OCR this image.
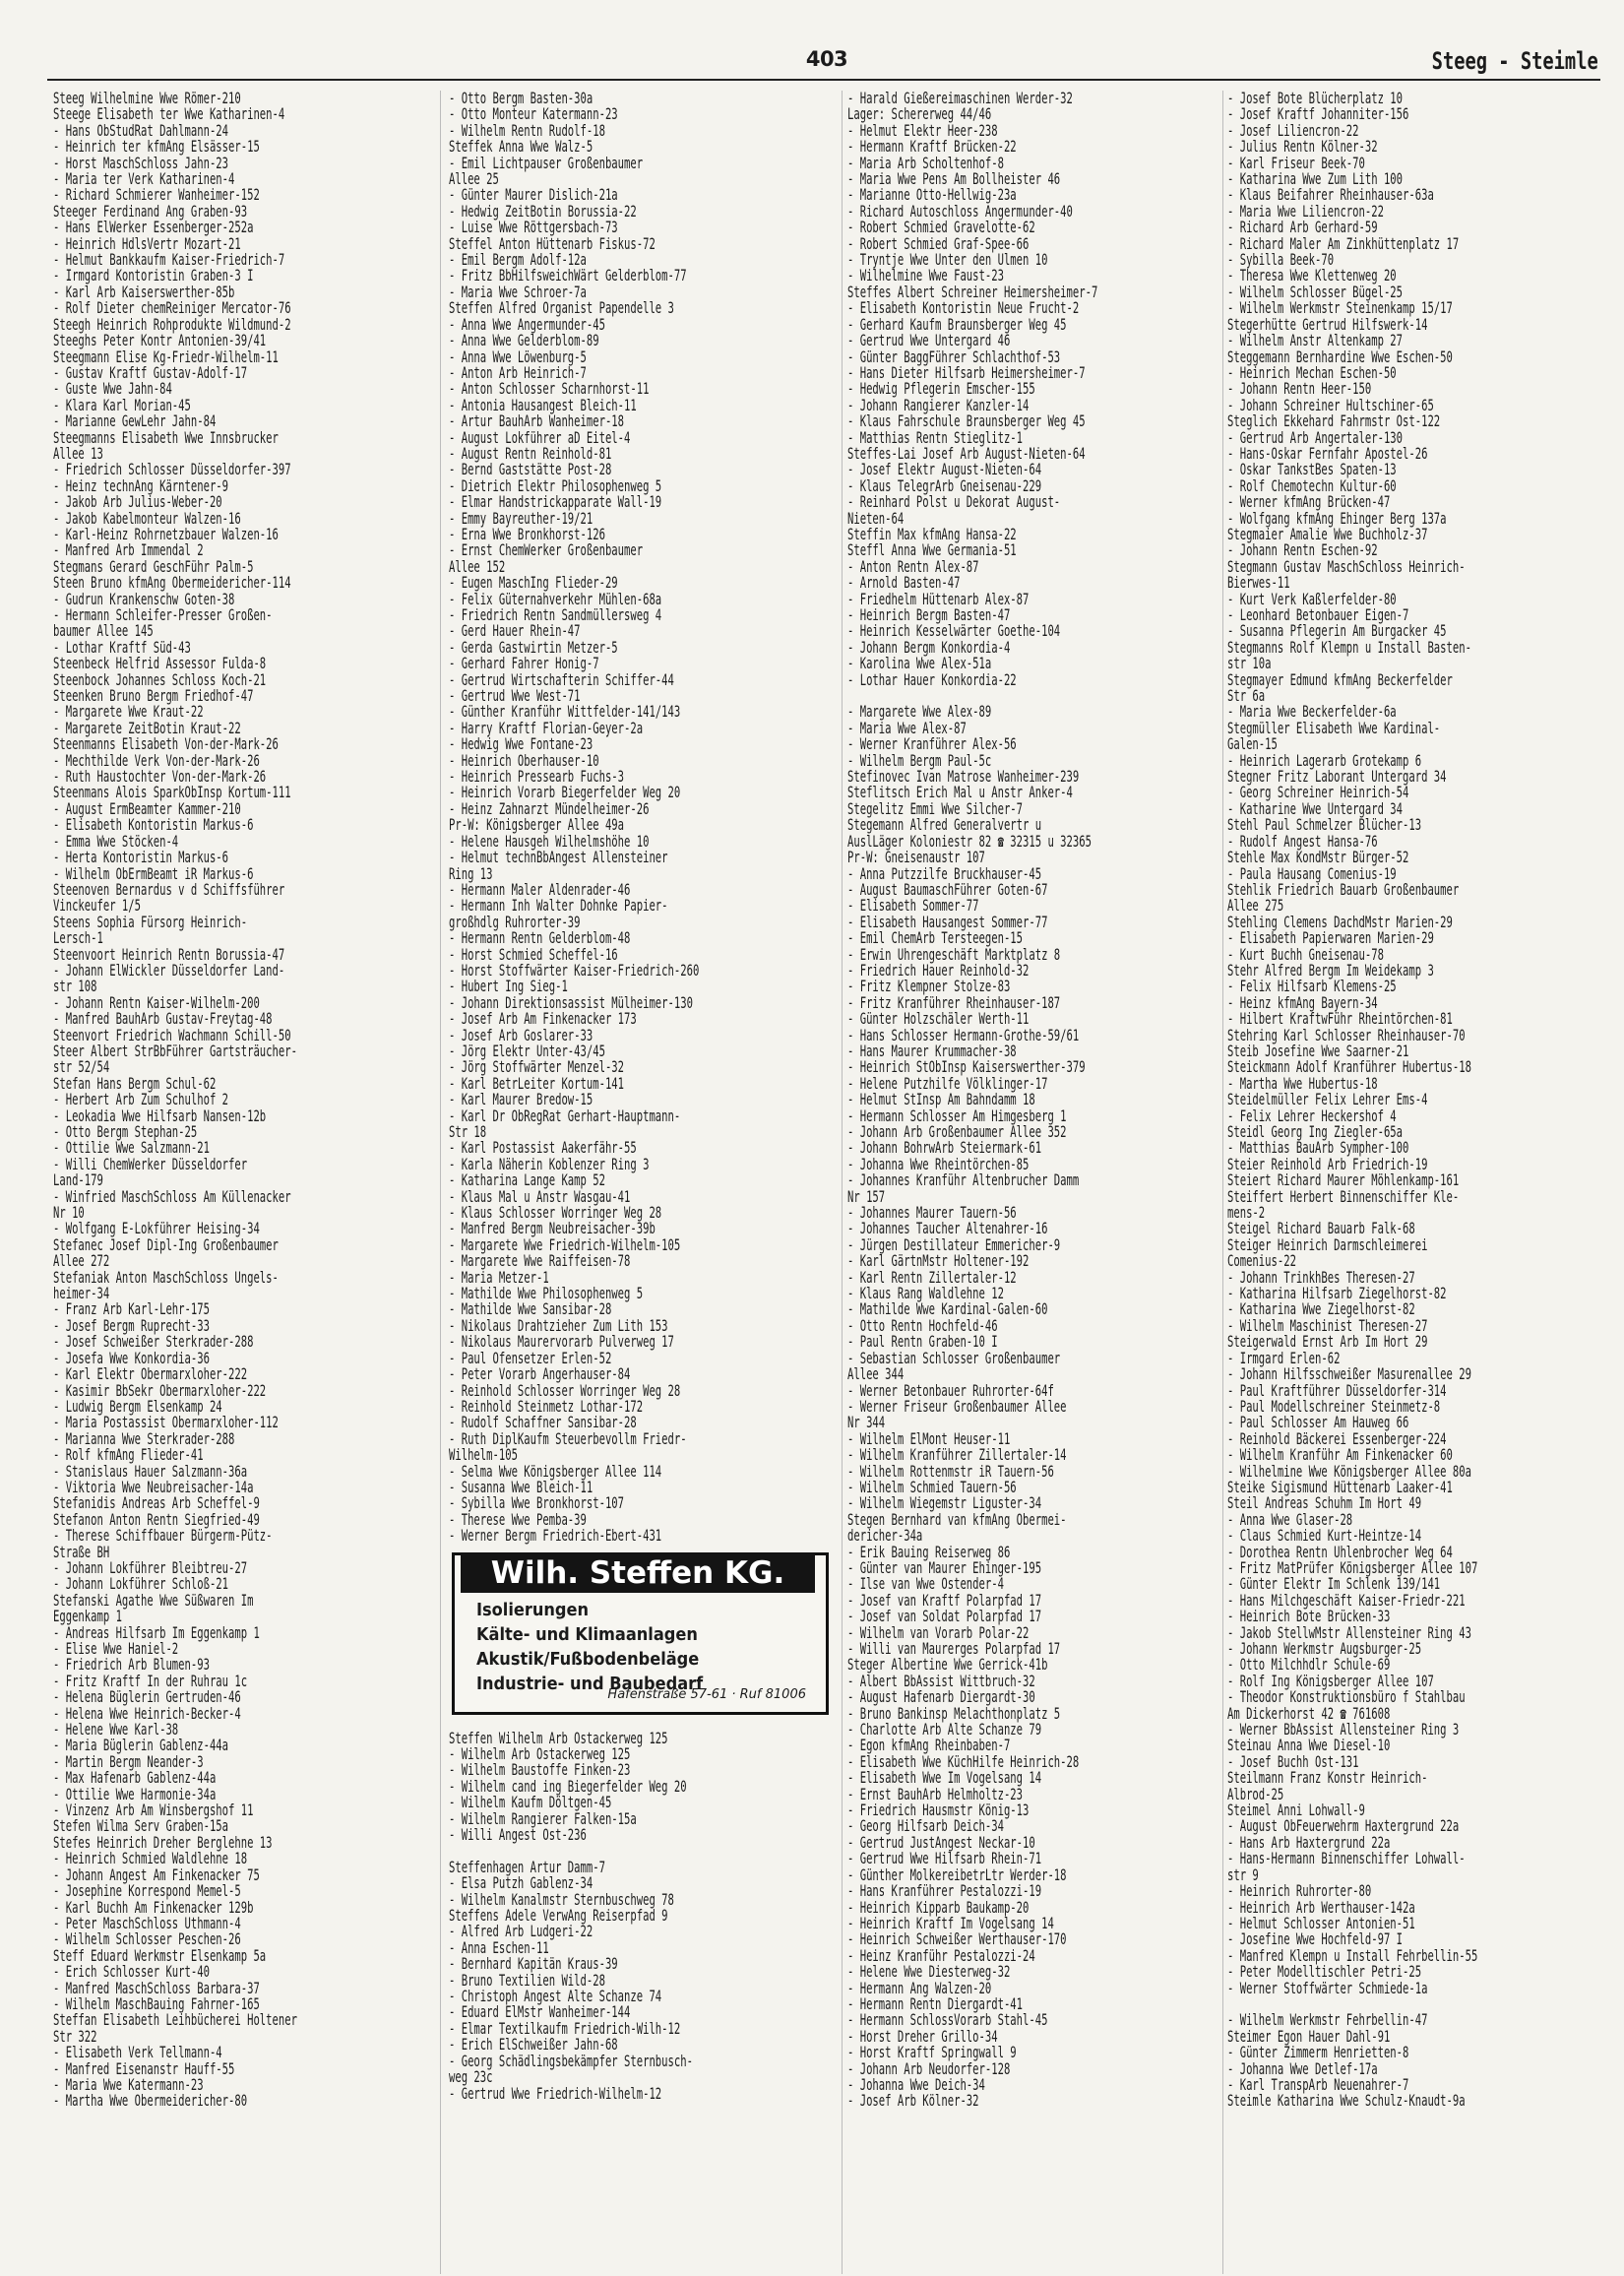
403	Steeg - Steimle
Steeg Wilhelmine Wwe Römer-210
Steege Elisabeth ter Wwe Katharinen-4
- Hans ObStudRat Dahlmann-24
- Heinrich ter kfmAng Elsässer-15
- Horst MaschSchloss Jahn-23
- Maria ter Verk Katharinen-4
- Richard Schmierer Wanheimer-152
Steeger Ferdinand Ang Graben-93
- Hans ElWerker Essenberger-252a
- Heinrich HdlsVertr Mozart-21
- Helmut Bankkaufm Kaiser-Friedrich-7
- Irmgard Kontoristin Graben-3 I
- Karl Arb Kaiserswerther-85b
- Rolf Dieter chemReiniger Mercator-76
Steegh Heinrich Rohprodukte Wildmund-2
Steeghs Peter Kontr Antonien-39/41
Steegmann Elise Kg-Friedr-Wilhelm-11
- Gustav Kraftf Gustav-Adolf-17
- Guste Wwe Jahn-84
- Klara Karl Morian-45
- Marianne GewLehr Jahn-84
Steegmanns Elisabeth Wwe Innsbrucker
Allee 13
- Friedrich Schlosser Düsseldorfer-397
- Heinz technAng Kärntener-9
- Jakob Arb Julius-Weber-20
- Jakob Kabelmonteur Walzen-16
- Karl-Heinz Rohrnetzbauer Walzen-16
- Manfred Arb Immendal 2
Stegmans Gerard GeschFühr Palm-5
Steen Bruno kfmAng Obermeidericher-114
- Gudrun Krankenschw Goten-38
- Hermann Schleifer-Presser Großen-
baumer Allee 145
- Lothar Kraftf Süd-43
Steenbeck Helfrid Assessor Fulda-8
Steenbock Johannes Schloss Koch-21
Steenken Bruno Bergm Friedhof-47
- Margarete Wwe Kraut-22
- Margarete ZeitBotin Kraut-22
Steenmanns Elisabeth Von-der-Mark-26
- Mechthilde Verk Von-der-Mark-26
- Ruth Haustochter Von-der-Mark-26
Steenmans Alois SparkObInsp Kortum-111
- August ErmBeamter Kammer-210
- Elisabeth Kontoristin Markus-6
- Emma Wwe Stöcken-4
- Herta Kontoristin Markus-6
- Wilhelm ObErmBeamt iR Markus-6
Steenoven Bernardus v d Schiffsführer
Vinckeufer 1/5
Steens Sophia Fürsorg Heinrich-
Lersch-1
Steenvoort Heinrich Rentn Borussia-47
- Johann ElWickler Düsseldorfer Land-
str 108
- Johann Rentn Kaiser-Wilhelm-200
- Manfred BauhArb Gustav-Freytag-48
Steenvort Friedrich Wachmann Schill-50
Steer Albert StrBbFührer Gartsträucher-
str 52/54
Stefan Hans Bergm Schul-62
- Herbert Arb Zum Schulhof 2
- Leokadia Wwe Hilfsarb Nansen-12b
- Otto Bergm Stephan-25
- Ottilie Wwe Salzmann-21
- Willi ChemWerker Düsseldorfer
Land-179
- Winfried MaschSchloss Am Küllenacker
Nr 10
- Wolfgang E-Lokführer Heising-34
Stefanec Josef Dipl-Ing Großenbaumer
Allee 272
Stefaniak Anton MaschSchloss Ungels-
heimer-34
- Franz Arb Karl-Lehr-175
- Josef Bergm Ruprecht-33
- Josef Schweißer Sterkrader-288
- Josefa Wwe Konkordia-36
- Karl Elektr Obermarxloher-222
- Kasimir BbSekr Obermarxloher-222
- Ludwig Bergm Elsenkamp 24
- Maria Postassist Obermarxloher-112
- Marianna Wwe Sterkrader-288
- Rolf kfmAng Flieder-41
- Stanislaus Hauer Salzmann-36a
- Viktoria Wwe Neubreisacher-14a
Stefanidis Andreas Arb Scheffel-9
Stefanon Anton Rentn Siegfried-49
- Therese Schiffbauer Bürgerm-Pütz-
Straße BH
- Johann Lokführer Bleibtreu-27
- Johann Lokführer Schloß-21
Stefanski Agathe Wwe Süßwaren Im
Eggenkamp 1
- Andreas Hilfsarb Im Eggenkamp 1
- Elise Wwe Haniel-2
- Friedrich Arb Blumen-93
- Fritz Kraftf In der Ruhrau 1c
- Helena Büglerin Gertruden-46
- Helena Wwe Heinrich-Becker-4
- Helene Wwe Karl-38
- Maria Büglerin Gablenz-44a
- Martin Bergm Neander-3
- Max Hafenarb Gablenz-44a
- Ottilie Wwe Harmonie-34a
- Vinzenz Arb Am Winsbergshof 11
Stefen Wilma Serv Graben-15a
Stefes Heinrich Dreher Berglehne 13
- Heinrich Schmied Waldlehne 18
- Johann Angest Am Finkenacker 75
- Josephine Korrespond Memel-5
- Karl Buchh Am Finkenacker 129b
- Peter MaschSchloss Uthmann-4
- Wilhelm Schlosser Peschen-26
Steff Eduard Werkmstr Elsenkamp 5a
- Erich Schlosser Kurt-40
- Manfred MaschSchloss Barbara-37
- Wilhelm MaschBauing Fahrner-165
Steffan Elisabeth Leihbücherei Holtener
Str 322
- Elisabeth Verk Tellmann-4
- Manfred Eisenanstr Hauff-55
- Maria Wwe Katermann-23
- Martha Wwe Obermeidericher-80
- Otto Bergm Basten-30a
- Otto Monteur Katermann-23
- Wilhelm Rentn Rudolf-18
Steffek Anna Wwe Walz-5
- Emil Lichtpauser Großenbaumer
Allee 25
- Günter Maurer Dislich-21a
- Hedwig ZeitBotin Borussia-22
- Luise Wwe Röttgersbach-73
Steffel Anton Hüttenarb Fiskus-72
- Emil Bergm Adolf-12a
- Fritz BbHilfsweichWärt Gelderblom-77
- Maria Wwe Schroer-7a
Steffen Alfred Organist Papendelle 3
- Anna Wwe Angermunder-45
- Anna Wwe Gelderblom-89
- Anna Wwe Löwenburg-5
- Anton Arb Heinrich-7
- Anton Schlosser Scharnhorst-11
- Antonia Hausangest Bleich-11
- Artur BauhArb Wanheimer-18
- August Lokführer aD Eitel-4
- August Rentn Reinhold-81
- Bernd Gaststätte Post-28
- Dietrich Elektr Philosophenweg 5
- Elmar Handstrickapparate Wall-19
- Emmy Bayreuther-19/21
- Erna Wwe Bronkhorst-126
- Ernst ChemWerker Großenbaumer
Allee 152
- Eugen MaschIng Flieder-29
- Felix Güternahverkehr Mühlen-68a
- Friedrich Rentn Sandmüllersweg 4
- Gerd Hauer Rhein-47
- Gerda Gastwirtin Metzer-5
- Gerhard Fahrer Honig-7
- Gertrud Wirtschafterin Schiffer-44
- Gertrud Wwe West-71
- Günther Kranführ Wittfelder-141/143
- Harry Kraftf Florian-Geyer-2a
- Hedwig Wwe Fontane-23
- Heinrich Oberhauser-10
- Heinrich Pressearb Fuchs-3
- Heinrich Vorarb Biegerfelder Weg 20
- Heinz Zahnarzt Mündelheimer-26
Pr-W: Königsberger Allee 49a
- Helene Hausgeh Wilhelmshöhe 10
- Helmut technBbAngest Allensteiner
Ring 13
- Hermann Maler Aldenrader-46
- Hermann Inh Walter Dohnke Papier-
großhdlg Ruhrorter-39
- Hermann Rentn Gelderblom-48
- Horst Schmied Scheffel-16
- Horst Stoffwärter Kaiser-Friedrich-260
- Hubert Ing Sieg-1
- Johann Direktionsassist Mülheimer-130
- Josef Arb Am Finkenacker 173
- Josef Arb Goslarer-33
- Jörg Elektr Unter-43/45
- Jörg Stoffwärter Menzel-32
- Karl BetrLeiter Kortum-141
- Karl Maurer Bredow-15
- Karl Dr ObRegRat Gerhart-Hauptmann-
Str 18
- Karl Postassist Aakerfähr-55
- Karla Näherin Koblenzer Ring 3
- Katharina Lange Kamp 52
- Klaus Mal u Anstr Wasgau-41
- Klaus Schlosser Worringer Weg 28
- Manfred Bergm Neubreisacher-39b
- Margarete Wwe Friedrich-Wilhelm-105
- Margarete Wwe Raiffeisen-78
- Maria Metzer-1
- Mathilde Wwe Philosophenweg 5
- Mathilde Wwe Sansibar-28
- Nikolaus Drahtzieher Zum Lith 153
- Nikolaus Maurervorarb Pulverweg 17
- Paul Ofensetzer Erlen-52
- Peter Vorarb Angerhauser-84
- Reinhold Schlosser Worringer Weg 28
- Reinhold Steinmetz Lothar-172
- Rudolf Schaffner Sansibar-28
- Ruth DiplKaufm Steuerbevollm Friedr-
Wilhelm-105
- Selma Wwe Königsberger Allee 114
- Susanna Wwe Bleich-11
- Sybilla Wwe Bronkhorst-107
- Therese Wwe Pemba-39
- Werner Bergm Friedrich-Ebert-431
Wilh. Steffen KG.
Isolierungen
Kälte- und Klimaanlagen
Akustik/Fußbodenbeläge
Industrie- und Baubedarf
Hafenstraße 57-61 · Ruf 81006
Steffen Wilhelm Arb Ostackerweg 125
- Wilhelm Arb Ostackerweg 125
- Wilhelm Baustoffe Finken-23
- Wilhelm cand ing Biegerfelder Weg 20
- Wilhelm Kaufm Döltgen-45
- Wilhelm Rangierer Falken-15a
- Willi Angest Ost-236

Steffenhagen Artur Damm-7
- Elsa Putzh Gablenz-34
- Wilhelm Kanalmstr Sternbuschweg 78
Steffens Adele VerwAng Reiserpfad 9
- Alfred Arb Ludgeri-22
- Anna Eschen-11
- Bernhard Kapitän Kraus-39
- Bruno Textilien Wild-28
- Christoph Angest Alte Schanze 74
- Eduard ElMstr Wanheimer-144
- Elmar Textilkaufm Friedrich-Wilh-12
- Erich ElSchweißer Jahn-68
- Georg Schädlingsbekämpfer Sternbusch-
weg 23c
- Gertrud Wwe Friedrich-Wilhelm-12
- Harald Gießereimaschinen Werder-32
Lager: Schererweg 44/46
- Helmut Elektr Heer-238
- Hermann Kraftf Brücken-22
- Maria Arb Scholtenhof-8
- Maria Wwe Pens Am Bollheister 46
- Marianne Otto-Hellwig-23a
- Richard Autoschloss Angermunder-40
- Robert Schmied Gravelotte-62
- Robert Schmied Graf-Spee-66
- Tryntje Wwe Unter den Ulmen 10
- Wilhelmine Wwe Faust-23
Steffes Albert Schreiner Heimersheimer-7
- Elisabeth Kontoristin Neue Frucht-2
- Gerhard Kaufm Braunsberger Weg 45
- Gertrud Wwe Untergard 46
- Günter BaggFührer Schlachthof-53
- Hans Dieter Hilfsarb Heimersheimer-7
- Hedwig Pflegerin Emscher-155
- Johann Rangierer Kanzler-14
- Klaus Fahrschule Braunsberger Weg 45
- Matthias Rentn Stieglitz-1
Steffes-Lai Josef Arb August-Nieten-64
- Josef Elektr August-Nieten-64
- Klaus TelegrArb Gneisenau-229
- Reinhard Polst u Dekorat August-
Nieten-64
Steffin Max kfmAng Hansa-22
Steffl Anna Wwe Germania-51
- Anton Rentn Alex-87
- Arnold Basten-47
- Friedhelm Hüttenarb Alex-87
- Heinrich Bergm Basten-47
- Heinrich Kesselwärter Goethe-104
- Johann Bergm Konkordia-4
- Karolina Wwe Alex-51a
- Lothar Hauer Konkordia-22

- Margarete Wwe Alex-89
- Maria Wwe Alex-87
- Werner Kranführer Alex-56
- Wilhelm Bergm Paul-5c
Stefinovec Ivan Matrose Wanheimer-239
Steflitsch Erich Mal u Anstr Anker-4
Stegelitz Emmi Wwe Silcher-7
Stegemann Alfred Generalvertr u
AuslLäger Koloniestr 82 ☎ 32315 u 32365
Pr-W: Gneisenaustr 107
- Anna Putzzilfe Bruckhauser-45
- August BaumaschFührer Goten-67
- Elisabeth Sommer-77
- Elisabeth Hausangest Sommer-77
- Emil ChemArb Tersteegen-15
- Erwin Uhrengeschäft Marktplatz 8
- Friedrich Hauer Reinhold-32
- Fritz Klempner Stolze-83
- Fritz Kranführer Rheinhauser-187
- Günter Holzschäler Werth-11
- Hans Schlosser Hermann-Grothe-59/61
- Hans Maurer Krummacher-38
- Heinrich StObInsp Kaiserswerther-379
- Helene Putzhilfe Völklinger-17
- Helmut StInsp Am Bahndamm 18
- Hermann Schlosser Am Himgesberg 1
- Johann Arb Großenbaumer Allee 352
- Johann BohrwArb Steiermark-61
- Johanna Wwe Rheintörchen-85
- Johannes Kranführ Altenbrucher Damm
Nr 157
- Johannes Maurer Tauern-56
- Johannes Taucher Altenahrer-16
- Jürgen Destillateur Emmericher-9
- Karl GärtnMstr Holtener-192
- Karl Rentn Zillertaler-12
- Klaus Rang Waldlehne 12
- Mathilde Wwe Kardinal-Galen-60
- Otto Rentn Hochfeld-46
- Paul Rentn Graben-10 I
- Sebastian Schlosser Großenbaumer
Allee 344
- Werner Betonbauer Ruhrorter-64f
- Werner Friseur Großenbaumer Allee
Nr 344
- Wilhelm ElMont Heuser-11
- Wilhelm Kranführer Zillertaler-14
- Wilhelm Rottenmstr iR Tauern-56
- Wilhelm Schmied Tauern-56
- Wilhelm Wiegemstr Liguster-34
Stegen Bernhard van kfmAng Obermei-
dericher-34a
- Erik Bauing Reiserweg 86
- Günter van Maurer Ehinger-195
- Ilse van Wwe Ostender-4
- Josef van Kraftf Polarpfad 17
- Josef van Soldat Polarpfad 17
- Wilhelm van Vorarb Polar-22
- Willi van Maurerges Polarpfad 17
Steger Albertine Wwe Gerrick-41b
- Albert BbAssist Wittbruch-32
- August Hafenarb Diergardt-30
- Bruno Bankinsp Melachthonplatz 5
- Charlotte Arb Alte Schanze 79
- Egon kfmAng Rheinbaben-7
- Elisabeth Wwe KüchHilfe Heinrich-28
- Elisabeth Wwe Im Vogelsang 14
- Ernst BauhArb Helmholtz-23
- Friedrich Hausmstr König-13
- Georg Hilfsarb Deich-34
- Gertrud JustAngest Neckar-10
- Gertrud Wwe Hilfsarb Rhein-71
- Günther MolkereibetrLtr Werder-18
- Hans Kranführer Pestalozzi-19
- Heinrich Kipparb Baukamp-20
- Heinrich Kraftf Im Vogelsang 14
- Heinrich Schweißer Werthauser-170
- Heinz Kranführ Pestalozzi-24
- Helene Wwe Diesterweg-32
- Hermann Ang Walzen-20
- Hermann Rentn Diergardt-41
- Hermann SchlossVorarb Stahl-45
- Horst Dreher Grillo-34
- Horst Kraftf Springwall 9
- Johann Arb Neudorfer-128
- Johanna Wwe Deich-34
- Josef Arb Kölner-32
- Josef Bote Blücherplatz 10
- Josef Kraftf Johanniter-156
- Josef Liliencron-22
- Julius Rentn Kölner-32
- Karl Friseur Beek-70
- Katharina Wwe Zum Lith 100
- Klaus Beifahrer Rheinhauser-63a
- Maria Wwe Liliencron-22
- Richard Arb Gerhard-59
- Richard Maler Am Zinkhüttenplatz 17
- Sybilla Beek-70
- Theresa Wwe Klettenweg 20
- Wilhelm Schlosser Bügel-25
- Wilhelm Werkmstr Steinenkamp 15/17
Stegerhütte Gertrud Hilfswerk-14
- Wilhelm Anstr Altenkamp 27
Steggemann Bernhardine Wwe Eschen-50
- Heinrich Mechan Eschen-50
- Johann Rentn Heer-150
- Johann Schreiner Hultschiner-65
Steglich Ekkehard Fahrmstr Ost-122
- Gertrud Arb Angertaler-130
- Hans-Oskar Fernfahr Apostel-26
- Oskar TankstBes Spaten-13
- Rolf Chemotechn Kultur-60
- Werner kfmAng Brücken-47
- Wolfgang kfmAng Ehinger Berg 137a
Stegmaier Amalie Wwe Buchholz-37
- Johann Rentn Eschen-92
Stegmann Gustav MaschSchloss Heinrich-
Bierwes-11
- Kurt Verk Kaßlerfelder-80
- Leonhard Betonbauer Eigen-7
- Susanna Pflegerin Am Burgacker 45
Stegmanns Rolf Klempn u Install Basten-
str 10a
Stegmayer Edmund kfmAng Beckerfelder
Str 6a
- Maria Wwe Beckerfelder-6a
Stegmüller Elisabeth Wwe Kardinal-
Galen-15
- Heinrich Lagerarb Grotekamp 6
Stegner Fritz Laborant Untergard 34
- Georg Schreiner Heinrich-54
- Katharine Wwe Untergard 34
Stehl Paul Schmelzer Blücher-13
- Rudolf Angest Hansa-76
Stehle Max KondMstr Bürger-52
- Paula Hausang Comenius-19
Stehlik Friedrich Bauarb Großenbaumer
Allee 275
Stehling Clemens DachdMstr Marien-29
- Elisabeth Papierwaren Marien-29
- Kurt Buchh Gneisenau-78
Stehr Alfred Bergm Im Weidekamp 3
- Felix Hilfsarb Klemens-25
- Heinz kfmAng Bayern-34
- Hilbert KraftwFühr Rheintörchen-81
Stehring Karl Schlosser Rheinhauser-70
Steib Josefine Wwe Saarner-21
Steickmann Adolf Kranführer Hubertus-18
- Martha Wwe Hubertus-18
Steidelmüller Felix Lehrer Ems-4
- Felix Lehrer Heckershof 4
Steidl Georg Ing Ziegler-65a
- Matthias BauArb Sympher-100
Steier Reinhold Arb Friedrich-19
Steiert Richard Maurer Möhlenkamp-161
Steiffert Herbert Binnenschiffer Kle-
mens-2
Steigel Richard Bauarb Falk-68
Steiger Heinrich Darmschleimerei
Comenius-22
- Johann TrinkhBes Theresen-27
- Katharina Hilfsarb Ziegelhorst-82
- Katharina Wwe Ziegelhorst-82
- Wilhelm Maschinist Theresen-27
Steigerwald Ernst Arb Im Hort 29
- Irmgard Erlen-62
- Johann Hilfsschweißer Masurenallee 29
- Paul Kraftführer Düsseldorfer-314
- Paul Modellschreiner Steinmetz-8
- Paul Schlosser Am Hauweg 66
- Reinhold Bäckerei Essenberger-224
- Wilhelm Kranführ Am Finkenacker 60
- Wilhelmine Wwe Königsberger Allee 80a
Steike Sigismund Hüttenarb Laaker-41
Steil Andreas Schuhm Im Hort 49
- Anna Wwe Glaser-28
- Claus Schmied Kurt-Heintze-14
- Dorothea Rentn Uhlenbrocher Weg 64
- Fritz MatPrüfer Königsberger Allee 107
- Günter Elektr Im Schlenk 139/141
- Hans Milchgeschäft Kaiser-Friedr-221
- Heinrich Bote Brücken-33
- Jakob StellwMstr Allensteiner Ring 43
- Johann Werkmstr Augsburger-25
- Otto Milchhdlr Schule-69
- Rolf Ing Königsberger Allee 107
- Theodor Konstruktionsbüro f Stahlbau
Am Dickerhorst 42 ☎ 761608
- Werner BbAssist Allensteiner Ring 3
Steinau Anna Wwe Diesel-10
- Josef Buchh Ost-131
Steilmann Franz Konstr Heinrich-
Albrod-25
Steimel Anni Lohwall-9
- August ObFeuerwehrm Haxtergrund 22a
- Hans Arb Haxtergrund 22a
- Hans-Hermann Binnenschiffer Lohwall-
str 9
- Heinrich Ruhrorter-80
- Heinrich Arb Werthauser-142a
- Helmut Schlosser Antonien-51
- Josefine Wwe Hochfeld-97 I
- Manfred Klempn u Install Fehrbellin-55
- Peter Modelltischler Petri-25
- Werner Stoffwärter Schmiede-1a

- Wilhelm Werkmstr Fehrbellin-47
Steimer Egon Hauer Dahl-91
- Günter Zimmerm Henrietten-8
- Johanna Wwe Detlef-17a
- Karl TranspArb Neuenahrer-7
Steimle Katharina Wwe Schulz-Knaudt-9a
